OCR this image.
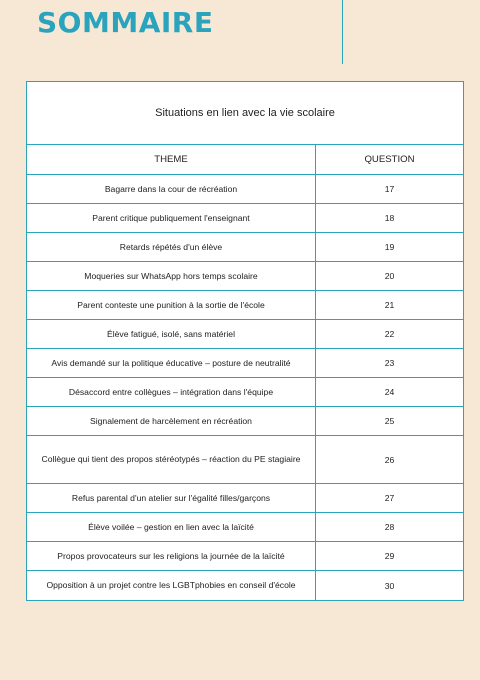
SOMMAIRE
Situations en lien avec la vie scolaire
THEME	QUESTION
Bagarre dans la cour de récréation	17
Parent critique publiquement l'enseignant	18
Retards répétés d'un élève	19
Moqueries sur WhatsApp hors temps scolaire	20
Parent conteste une punition à la sortie de l'école	21
Élève fatigué, isolé, sans matériel	22
Avis demandé sur la politique éducative – posture de neutralité	23
Désaccord entre collègues – intégration dans l'équipe	24
Signalement de harcèlement en récréation	25
Collègue qui tient des propos stéréotypés – réaction du PE stagiaire	26
Refus parental d'un atelier sur l'égalité filles/garçons	27
Élève voilée – gestion en lien avec la laïcité	28
Propos provocateurs sur les religions la journée de la laïcité	29
Opposition à un projet contre les LGBTphobies en conseil d'école	30
